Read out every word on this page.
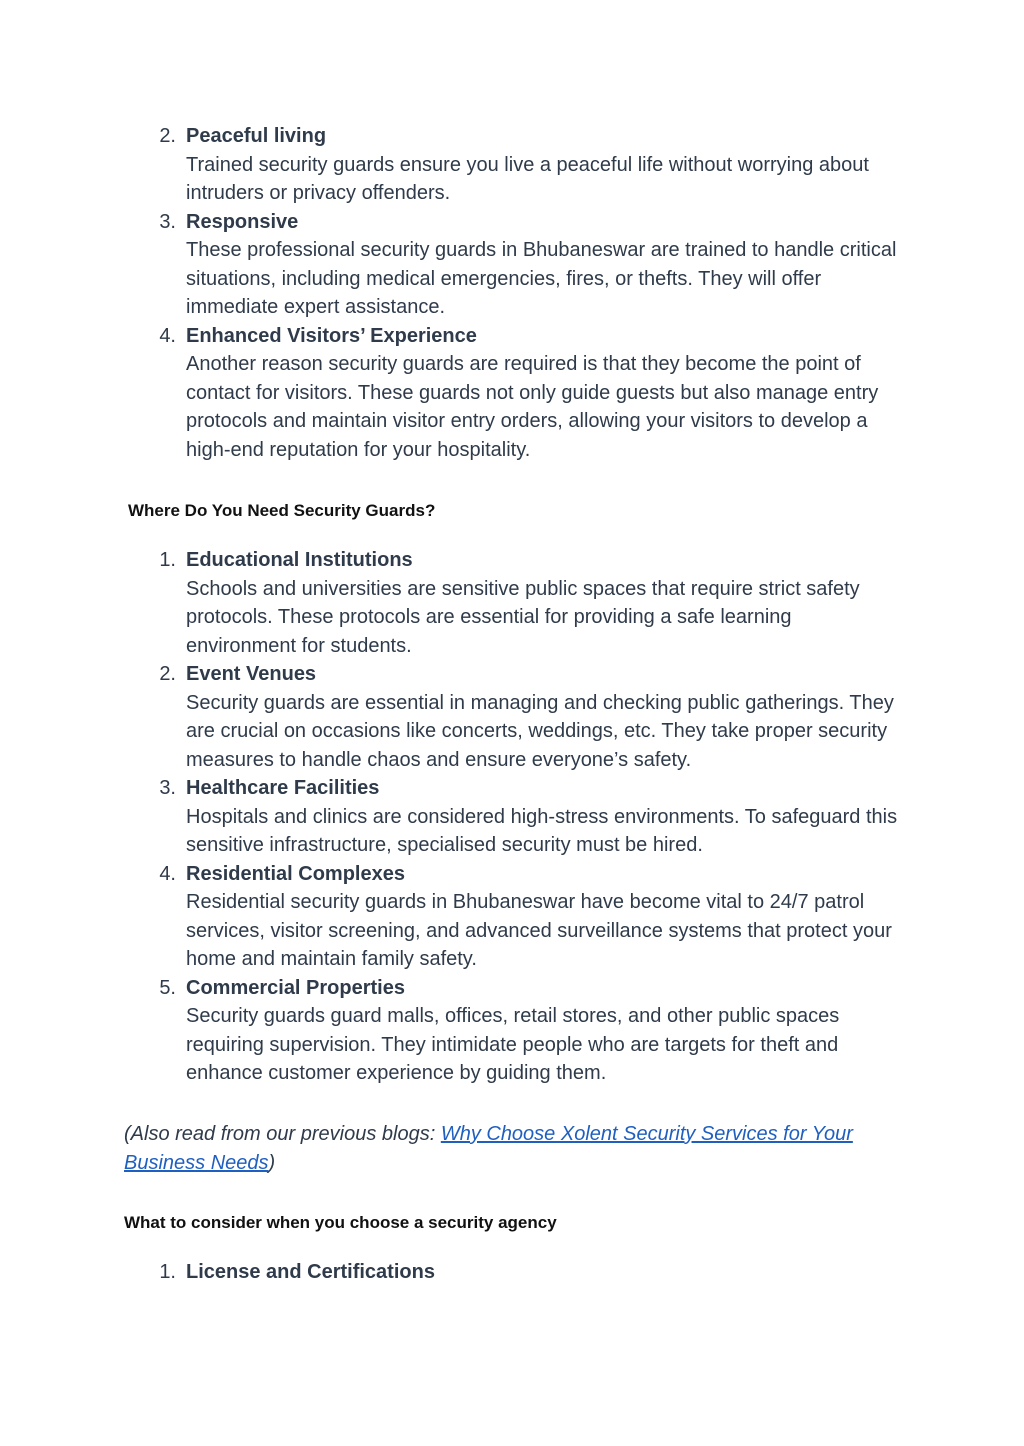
2. Peaceful living
Trained security guards ensure you live a peaceful life without worrying about intruders or privacy offenders.
3. Responsive
These professional security guards in Bhubaneswar are trained to handle critical situations, including medical emergencies, fires, or thefts. They will offer immediate expert assistance.
4. Enhanced Visitors’ Experience
Another reason security guards are required is that they become the point of contact for visitors. These guards not only guide guests but also manage entry protocols and maintain visitor entry orders, allowing your visitors to develop a high-end reputation for your hospitality.
Where Do You Need Security Guards?
1. Educational Institutions
Schools and universities are sensitive public spaces that require strict safety protocols. These protocols are essential for providing a safe learning environment for students.
2. Event Venues
Security guards are essential in managing and checking public gatherings. They are crucial on occasions like concerts, weddings, etc. They take proper security measures to handle chaos and ensure everyone’s safety.
3. Healthcare Facilities
Hospitals and clinics are considered high-stress environments. To safeguard this sensitive infrastructure, specialised security must be hired.
4. Residential Complexes
Residential security guards in Bhubaneswar have become vital to 24/7 patrol services, visitor screening, and advanced surveillance systems that protect your home and maintain family safety.
5. Commercial Properties
Security guards guard malls, offices, retail stores, and other public spaces requiring supervision. They intimidate people who are targets for theft and enhance customer experience by guiding them.

(Also read from our previous blogs: Why Choose Xolent Security Services for Your Business Needs)

What to consider when you choose a security agency
1. License and Certifications
